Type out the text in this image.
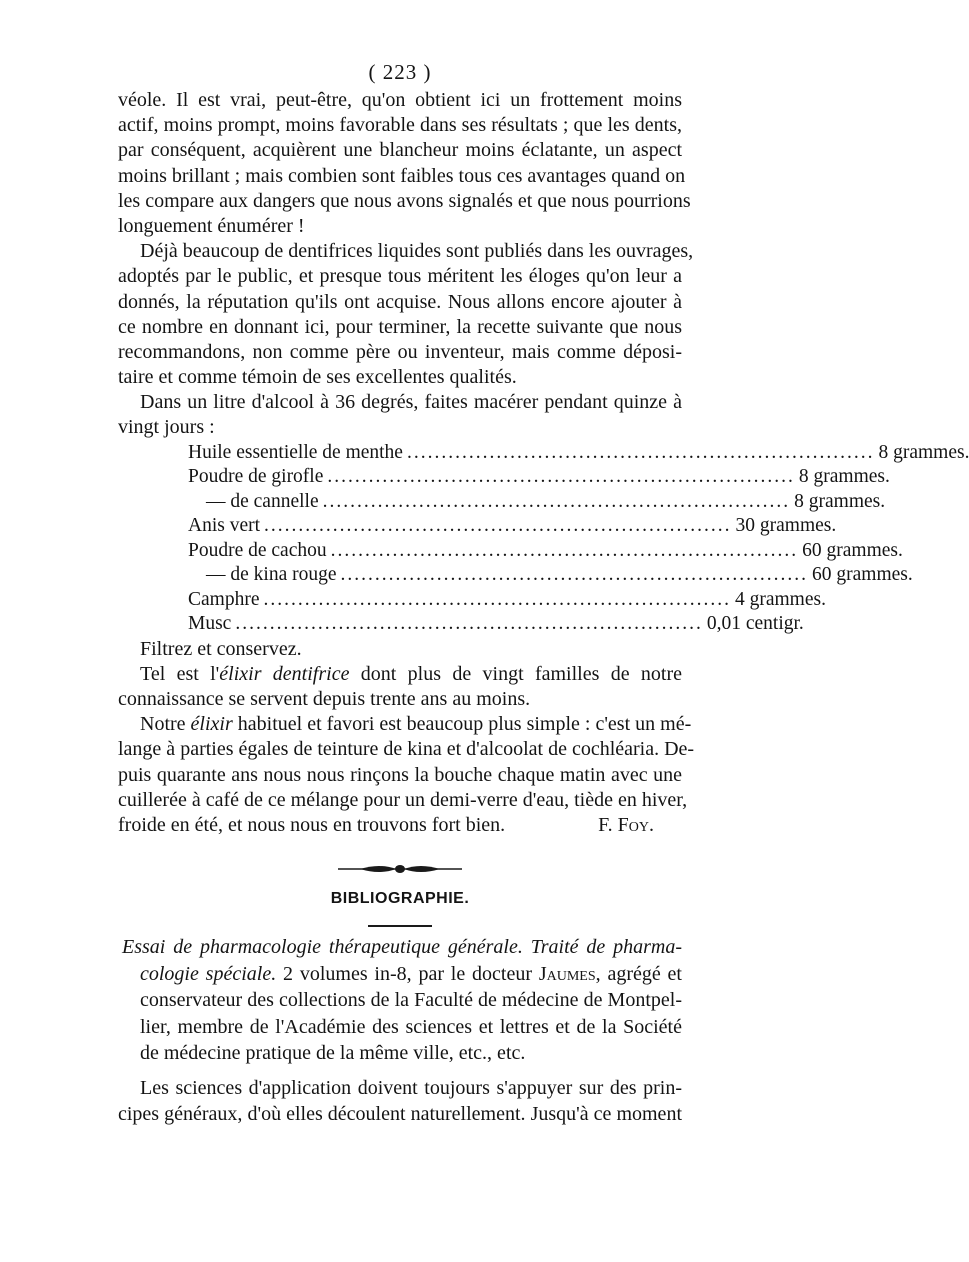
( 223 )
véole. Il est vrai, peut-être, qu'on obtient ici un frottement moins
actif, moins prompt, moins favorable dans ses résultats ; que les dents,
par conséquent, acquièrent une blancheur moins éclatante, un aspect
moins brillant ; mais combien sont faibles tous ces avantages quand on
les compare aux dangers que nous avons signalés et que nous pourrions
longuement énumérer !
Déjà beaucoup de dentifrices liquides sont publiés dans les ouvrages,
adoptés par le public, et presque tous méritent les éloges qu'on leur a
donnés, la réputation qu'ils ont acquise. Nous allons encore ajouter à
ce nombre en donnant ici, pour terminer, la recette suivante que nous
recommandons, non comme père ou inventeur, mais comme déposi-
taire et comme témoin de ses excellentes qualités.
Dans un litre d'alcool à 36 degrés, faites macérer pendant quinze à
vingt jours :
Huile essentielle de menthe .................................................................... 8 grammes.
Poudre de girofle .................................................................... 8 grammes.
— de cannelle .................................................................... 8 grammes.
Anis vert .................................................................... 30 grammes.
Poudre de cachou .................................................................... 60 grammes.
— de kina rouge .................................................................... 60 grammes.
Camphre .................................................................... 4 grammes.
Musc .................................................................... 0,01 centigr.
Filtrez et conservez.
Tel est l'élixir dentifrice dont plus de vingt familles de notre
connaissance se servent depuis trente ans au moins.
Notre élixir habituel et favori est beaucoup plus simple : c'est un mé-
lange à parties égales de teinture de kina et d'alcoolat de cochléaria. De-
puis quarante ans nous nous rinçons la bouche chaque matin avec une
cuillerée à café de ce mélange pour un demi-verre d'eau, tiède en hiver,
froide en été, et nous nous en trouvons fort bien.	F. Foy.
BIBLIOGRAPHIE.
Essai de pharmacologie thérapeutique générale. Traité de pharma-
cologie spéciale. 2 volumes in-8, par le docteur Jaumes, agrégé et
conservateur des collections de la Faculté de médecine de Montpel-
lier, membre de l'Académie des sciences et lettres et de la Société
de médecine pratique de la même ville, etc., etc.
Les sciences d'application doivent toujours s'appuyer sur des prin-
cipes généraux, d'où elles découlent naturellement. Jusqu'à ce moment
